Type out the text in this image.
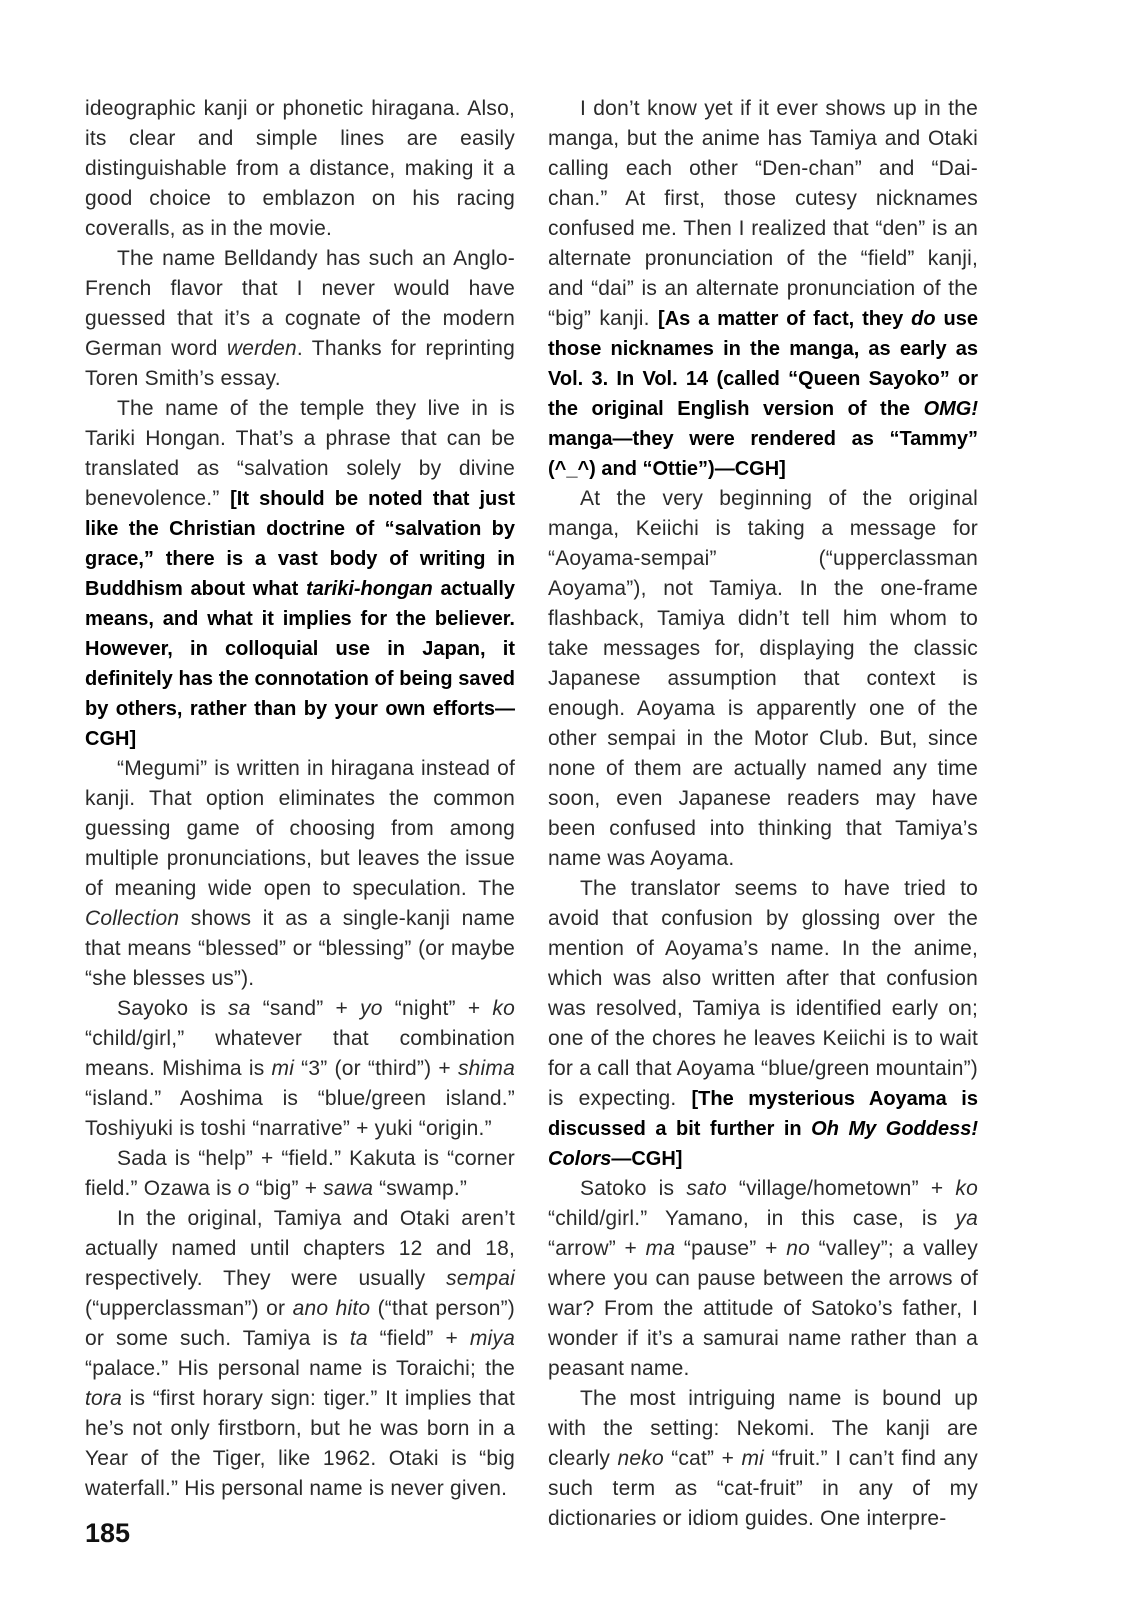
ideographic kanji or phonetic hiragana. Also, its clear and simple lines are easily distinguishable from a distance, making it a good choice to emblazon on his racing coveralls, as in the movie.

The name Belldandy has such an Anglo-French flavor that I never would have guessed that it’s a cognate of the modern German word werden. Thanks for reprinting Toren Smith’s essay.

The name of the temple they live in is Tariki Hongan. That’s a phrase that can be translated as “salvation solely by divine benevolence.” [It should be noted that just like the Christian doctrine of “salvation by grace,” there is a vast body of writing in Buddhism about what tariki-hongan actually means, and what it implies for the believer. However, in colloquial use in Japan, it definitely has the connotation of being saved by others, rather than by your own efforts—CGH]

“Megumi” is written in hiragana instead of kanji. That option eliminates the common guessing game of choosing from among multiple pronunciations, but leaves the issue of meaning wide open to speculation. The Collection shows it as a single-kanji name that means “blessed” or “blessing” (or maybe “she blesses us”).

Sayoko is sa “sand” + yo “night” + ko “child/girl,” whatever that combination means. Mishima is mi “3” (or “third”) + shima “island.” Aoshima is “blue/green island.” Toshiyuki is toshi “narrative” + yuki “origin.”

Sada is “help” + “field.” Kakuta is “corner field.” Ozawa is o “big” + sawa “swamp.”

In the original, Tamiya and Otaki aren’t actually named until chapters 12 and 18, respectively. They were usually sempai (“upperclassman”) or ano hito (“that person”) or some such. Tamiya is ta “field” + miya “palace.” His personal name is Toraichi; the tora is “first horary sign: tiger.” It implies that he’s not only firstborn, but he was born in a Year of the Tiger, like 1962. Otaki is “big waterfall.” His personal name is never given.

I don’t know yet if it ever shows up in the manga, but the anime has Tamiya and Otaki calling each other “Den-chan” and “Dai-chan.” At first, those cutesy nicknames confused me. Then I realized that “den” is an alternate pronunciation of the “field” kanji, and “dai” is an alternate pronunciation of the “big” kanji. [As a matter of fact, they do use those nicknames in the manga, as early as Vol. 3. In Vol. 14 (called “Queen Sayoko” or the original English version of the OMG! manga—they were rendered as “Tammy” (^_^) and “Ottie”)—CGH]

At the very beginning of the original manga, Keiichi is taking a message for “Aoyama-sempai” (“upperclassman Aoyama”), not Tamiya. In the one-frame flashback, Tamiya didn’t tell him whom to take messages for, displaying the classic Japanese assumption that context is enough. Aoyama is apparently one of the other sempai in the Motor Club. But, since none of them are actually named any time soon, even Japanese readers may have been confused into thinking that Tamiya’s name was Aoyama.

The translator seems to have tried to avoid that confusion by glossing over the mention of Aoyama’s name. In the anime, which was also written after that confusion was resolved, Tamiya is identified early on; one of the chores he leaves Keiichi is to wait for a call that Aoyama “blue/green mountain”) is expecting. [The mysterious Aoyama is discussed a bit further in Oh My Goddess! Colors—CGH]

Satoko is sato “village/hometown” + ko “child/girl.” Yamano, in this case, is ya “arrow” + ma “pause” + no “valley”; a valley where you can pause between the arrows of war? From the attitude of Satoko’s father, I wonder if it’s a samurai name rather than a peasant name.

The most intriguing name is bound up with the setting: Nekomi. The kanji are clearly neko “cat” + mi “fruit.” I can’t find any such term as “cat-fruit” in any of my dictionaries or idiom guides. One interpre-

185
